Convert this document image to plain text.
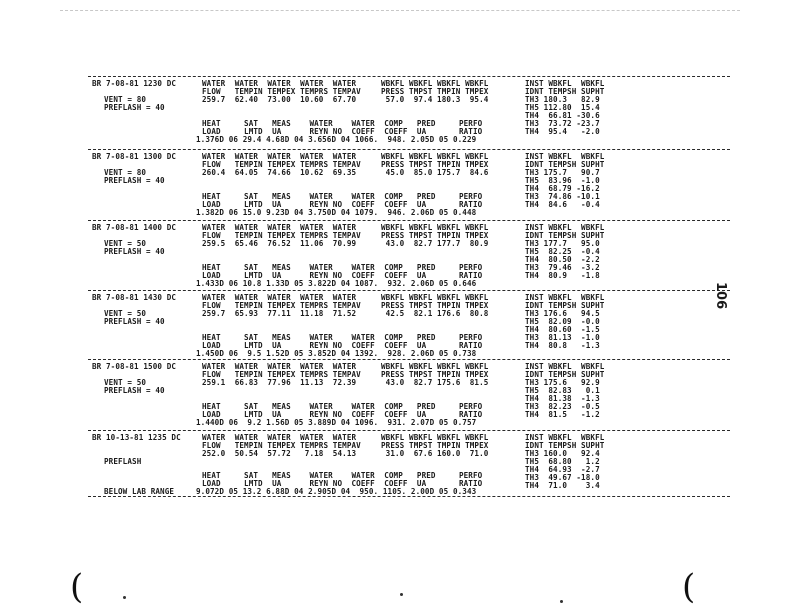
BR 7-08-81 1230 DC
VENT = 80
PREFLASH = 40
WATER  WATER  WATER  WATER  WATER
FLOW   TEMPIN TEMPEX TEMPRS TEMPAV
259.7  62.40  73.00  10.60  67.70
WBKFL WBKFL WBKFL WBKFL
PRESS TMPST TMPIN TMPEX
57.0  97.4 180.3  95.4
INST WBKFL  WBKFL
IDNT TEMPSH SUPHT
TH3 180.3   82.9
TH5 112.80  15.4
TH4  66.81 -30.6
TH3  73.72 -23.7
TH4  95.4   -2.0
HEAT     SAT   MEAS    WATER    WATER  COMP   PRED     PERFO
LOAD     LMTD  UA      REYN NO  COEFF  COEFF  UA       RATIO
1.376D 06 29.4 4.68D 04 3.656D 04 1066.  948. 2.05D 05 0.229
BR 7-08-81 1300 DC
VENT = 80
PREFLASH = 40
WATER  WATER  WATER  WATER  WATER
FLOW   TEMPIN TEMPEX TEMPRS TEMPAV
260.4  64.05  74.66  10.62  69.35
WBKFL WBKFL WBKFL WBKFL
PRESS TMPST TMPIN TMPEX
45.0  85.0 175.7  84.6
INST WBKFL  WBKFL
IDNT TEMPSH SUPHT
TH3 175.7   90.7
TH5  83.96  -1.0
TH4  68.79 -16.2
TH3  74.86 -10.1
TH4  84.6   -0.4
HEAT     SAT   MEAS    WATER    WATER  COMP   PRED     PERFO
LOAD     LMTD  UA      REYN NO  COEFF  COEFF  UA       RATIO
1.382D 06 15.0 9.23D 04 3.750D 04 1079.  946. 2.06D 05 0.448
BR 7-08-81 1400 DC
VENT = 50
PREFLASH = 40
WATER  WATER  WATER  WATER  WATER
FLOW   TEMPIN TEMPEX TEMPRS TEMPAV
259.5  65.46  76.52  11.06  70.99
WBKFL WBKFL WBKFL WBKFL
PRESS TMPST TMPIN TMPEX
43.0  82.7 177.7  80.9
INST WBKFL  WBKFL
IDNT TEMPSH SUPHT
TH3 177.7   95.0
TH5  82.25  -0.4
TH4  80.50  -2.2
TH3  79.46  -3.2
TH4  80.9   -1.8
HEAT     SAT   MEAS    WATER    WATER  COMP   PRED     PERFO
LOAD     LMTD  UA      REYN NO  COEFF  COEFF  UA       RATIO
1.433D 06 10.8 1.33D 05 3.822D 04 1087.  932. 2.06D 05 0.646
BR 7-08-81 1430 DC
VENT = 50
PREFLASH = 40
WATER  WATER  WATER  WATER  WATER
FLOW   TEMPIN TEMPEX TEMPRS TEMPAV
259.7  65.93  77.11  11.18  71.52
WBKFL WBKFL WBKFL WBKFL
PRESS TMPST TMPIN TMPEX
42.5  82.1 176.6  80.8
INST WBKFL  WBKFL
IDNT TEMPSH SUPHT
TH3 176.6   94.5
TH5  82.09  -0.0
TH4  80.60  -1.5
TH3  81.13  -1.0
TH4  80.8   -1.3
HEAT     SAT   MEAS    WATER    WATER  COMP   PRED     PERFO
LOAD     LMTD  UA      REYN NO  COEFF  COEFF  UA       RATIO
1.450D 06  9.5 1.52D 05 3.852D 04 1392.  928. 2.06D 05 0.738
BR 7-08-81 1500 DC
VENT = 50
PREFLASH = 40
WATER  WATER  WATER  WATER  WATER
FLOW   TEMPIN TEMPEX TEMPRS TEMPAV
259.1  66.83  77.96  11.13  72.39
WBKFL WBKFL WBKFL WBKFL
PRESS TMPST TMPIN TMPEX
43.0  82.7 175.6  81.5
INST WBKFL  WBKFL
IDNT TEMPSH SUPHT
TH3 175.6   92.9
TH5  82.83   0.1
TH4  81.38  -1.3
TH3  82.23  -0.5
TH4  81.5   -1.2
HEAT     SAT   MEAS    WATER    WATER  COMP   PRED     PERFO
LOAD     LMTD  UA      REYN NO  COEFF  COEFF  UA       RATIO
1.440D 06  9.2 1.56D 05 3.889D 04 1096.  931. 2.07D 05 0.757
BR 10-13-81 1235 DC
PREFLASH
BELOW LAB RANGE
WATER  WATER  WATER  WATER  WATER
FLOW   TEMPIN TEMPEX TEMPRS TEMPAV
252.0  50.54  57.72   7.18  54.13
WBKFL WBKFL WBKFL WBKFL
PRESS TMPST TMPIN TMPEX
31.0  67.6 160.0  71.0
INST WBKFL  WBKFL
IDNT TEMPSH SUPHT
TH3 160.0   92.4
TH5  68.80   1.2
TH4  64.93  -2.7
TH3  49.67 -18.0
TH4  71.0    3.4
HEAT     SAT   MEAS    WATER    WATER  COMP   PRED     PERFO
LOAD     LMTD  UA      REYN NO  COEFF  COEFF  UA       RATIO
9.072D 05 13.2 6.88D 04 2.905D 04  950. 1105. 2.00D 05 0.343
106
(	(
